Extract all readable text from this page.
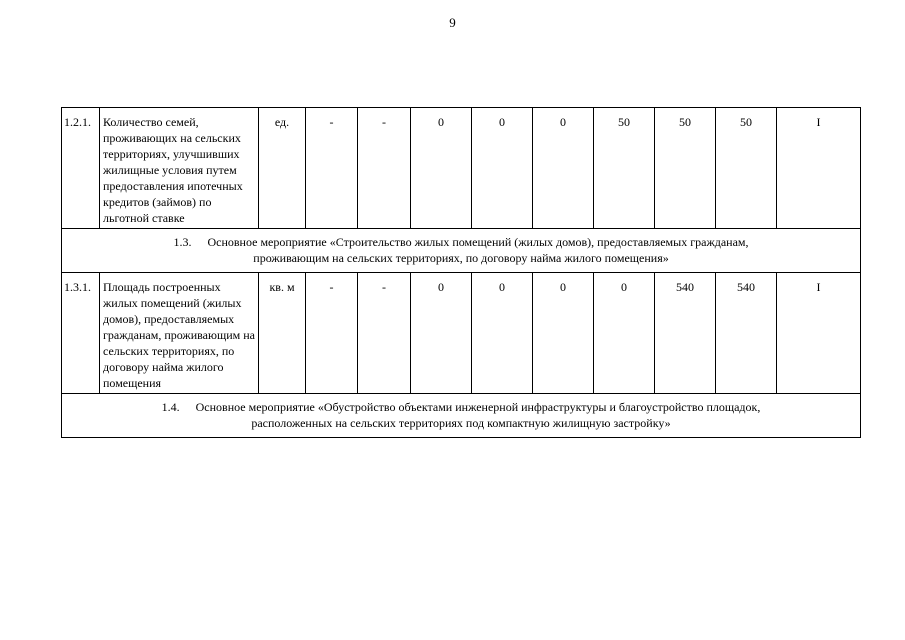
9
1.2.1.	Количество семей, проживающих на сельских территориях, улучшивших жилищные условия путем предоставления ипотечных кредитов (займов) по льготной ставке	ед.	-	-	0	0	0	50	50	50	I

1.3. Основное мероприятие «Строительство жилых помещений (жилых домов), предоставляемых гражданам,
проживающим на сельских территориях, по договору найма жилого помещения»											

1.3.1.	Площадь построенных жилых помещений (жилых домов), предоставляемых гражданам, проживающим на сельских территориях, по договору найма жилого помещения	кв. м	-	-	0	0	0	0	540	540	I

1.4. Основное мероприятие «Обустройство объектами инженерной инфраструктуры и благоустройство площадок,
расположенных на сельских территориях под компактную жилищную застройку»											
